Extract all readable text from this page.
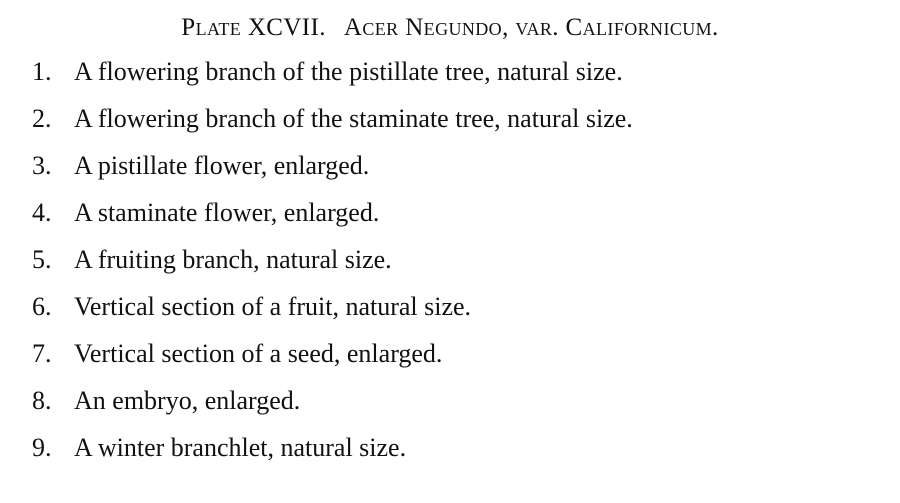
Plate XCVII. Acer Negundo, var. Californicum.
1. A flowering branch of the pistillate tree, natural size.
2. A flowering branch of the staminate tree, natural size.
3. A pistillate flower, enlarged.
4. A staminate flower, enlarged.
5. A fruiting branch, natural size.
6. Vertical section of a fruit, natural size.
7. Vertical section of a seed, enlarged.
8. An embryo, enlarged.
9. A winter branchlet, natural size.
